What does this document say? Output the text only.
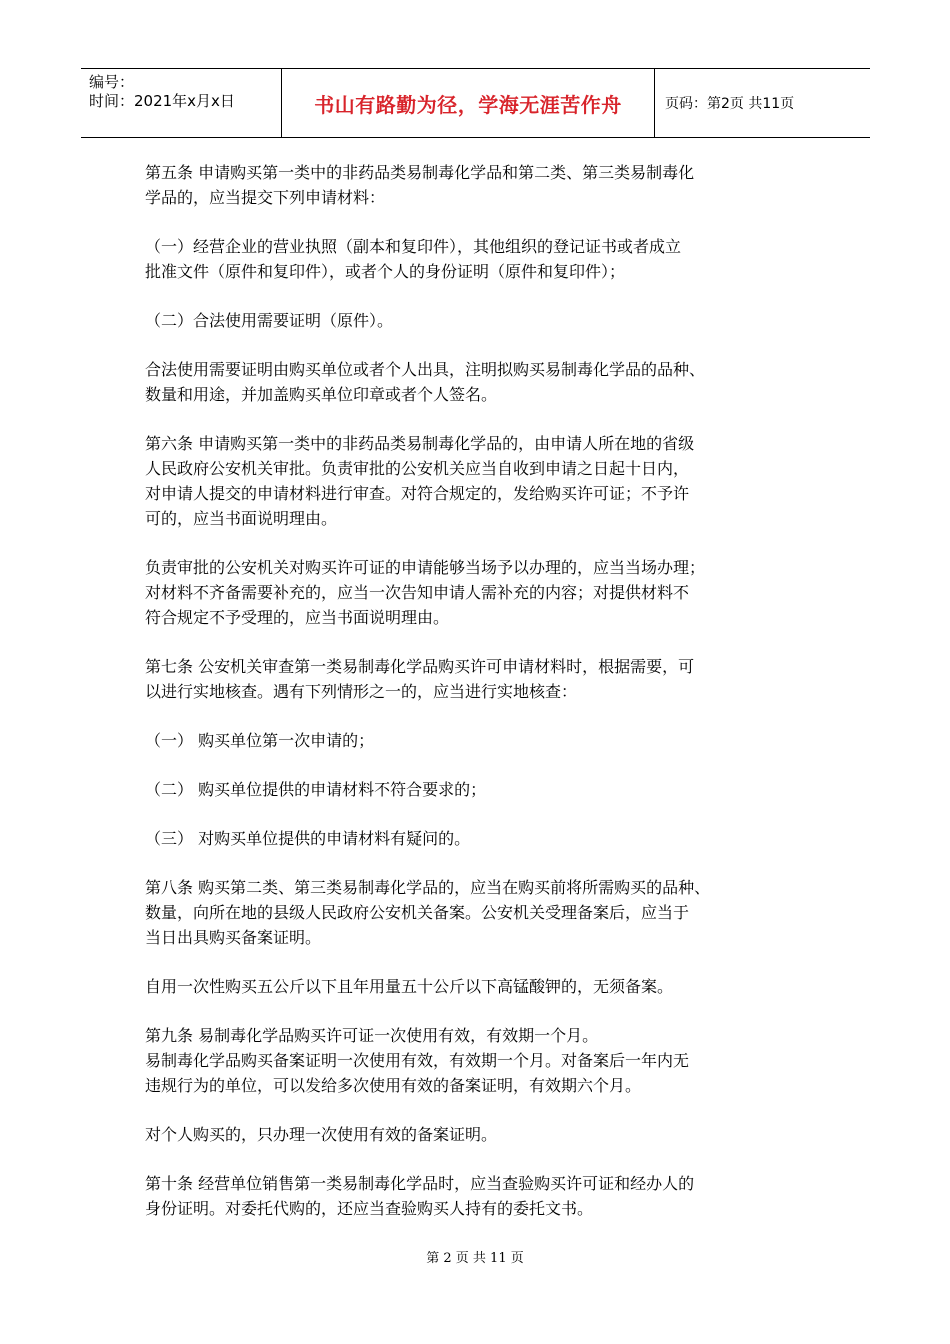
编号：
时间：2021年x月x日	书山有路勤为径，学海无涯苦作舟	页码：第2页 共11页
第五条 申请购买第一类中的非药品类易制毒化学品和第二类、第三类易制毒化
学品的，应当提交下列申请材料：
（一）经营企业的营业执照（副本和复印件），其他组织的登记证书或者成立
批准文件（原件和复印件），或者个人的身份证明（原件和复印件）；
（二）合法使用需要证明（原件）。
合法使用需要证明由购买单位或者个人出具，注明拟购买易制毒化学品的品种、
数量和用途，并加盖购买单位印章或者个人签名。
第六条 申请购买第一类中的非药品类易制毒化学品的，由申请人所在地的省级
人民政府公安机关审批。负责审批的公安机关应当自收到申请之日起十日内，
对申请人提交的申请材料进行审查。对符合规定的，发给购买许可证；不予许
可的，应当书面说明理由。
负责审批的公安机关对购买许可证的申请能够当场予以办理的，应当当场办理；
对材料不齐备需要补充的，应当一次告知申请人需补充的内容；对提供材料不
符合规定不予受理的，应当书面说明理由。
第七条 公安机关审查第一类易制毒化学品购买许可申请材料时，根据需要，可
以进行实地核查。遇有下列情形之一的，应当进行实地核查：
（一） 购买单位第一次申请的；
（二） 购买单位提供的申请材料不符合要求的；
（三） 对购买单位提供的申请材料有疑问的。
第八条 购买第二类、第三类易制毒化学品的，应当在购买前将所需购买的品种、
数量，向所在地的县级人民政府公安机关备案。公安机关受理备案后，应当于
当日出具购买备案证明。
自用一次性购买五公斤以下且年用量五十公斤以下高锰酸钾的，无须备案。
第九条 易制毒化学品购买许可证一次使用有效，有效期一个月。
易制毒化学品购买备案证明一次使用有效，有效期一个月。对备案后一年内无
违规行为的单位，可以发给多次使用有效的备案证明，有效期六个月。
对个人购买的，只办理一次使用有效的备案证明。
第十条 经营单位销售第一类易制毒化学品时，应当查验购买许可证和经办人的
身份证明。对委托代购的，还应当查验购买人持有的委托文书。
第 2 页 共 11 页
